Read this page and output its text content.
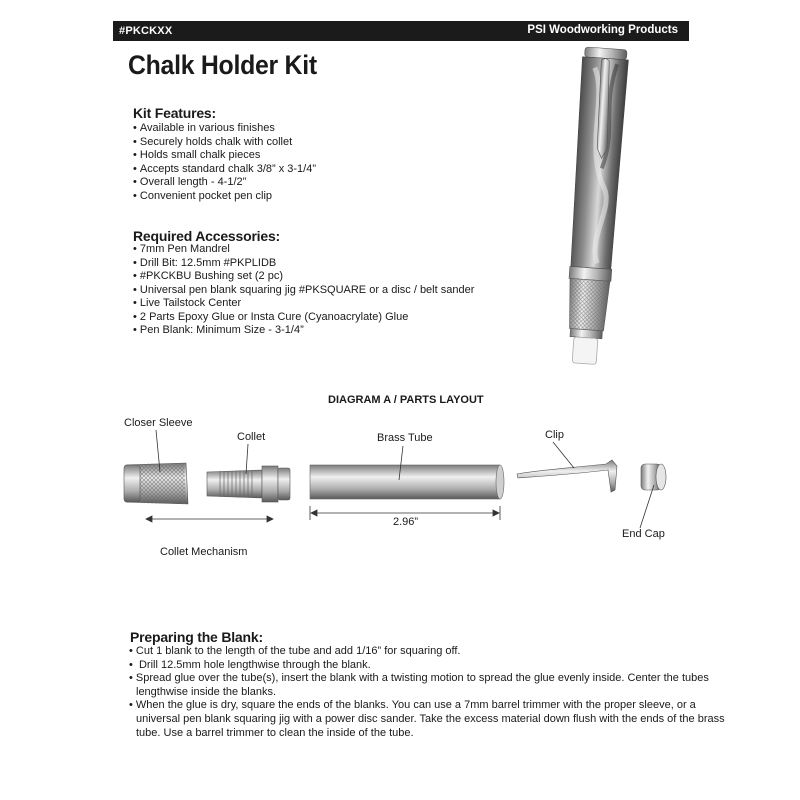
#PKCKXX	PSI Woodworking Products
Chalk Holder Kit
Kit Features:
• Available in various finishes
• Securely holds chalk with collet
• Holds small chalk pieces
• Accepts standard chalk 3/8” x 3-1/4”
• Overall length - 4-1/2”
• Convenient pocket pen clip
Required Accessories:
• 7mm Pen Mandrel
• Drill Bit: 12.5mm #PKPLIDB
• #PKCKBU Bushing set (2 pc)
• Universal pen blank squaring jig #PKSQUARE or a disc / belt sander
• Live Tailstock Center
• 2 Parts Epoxy Glue or Insta Cure (Cyanoacrylate) Glue
• Pen Blank: Minimum Size - 3-1/4”
DIAGRAM A / PARTS LAYOUT
Closer Sleeve
Collet	Brass Tube	Clip
End Cap
2.96”
Collet Mechanism
Preparing the Blank:
• Cut 1 blank to the length of the tube and add 1/16” for squaring off.
•  Drill 12.5mm hole lengthwise through the blank.
• Spread glue over the tube(s), insert the blank with a twisting motion to spread the glue evenly inside. Center the tubes lengthwise inside the blanks.
• When the glue is dry, square the ends of the blanks. You can use a 7mm barrel trimmer with the proper sleeve, or a universal pen blank squaring jig with a power disc sander. Take the excess material down flush with the ends of the brass tube. Use a barrel trimmer to clean the inside of the tube.
